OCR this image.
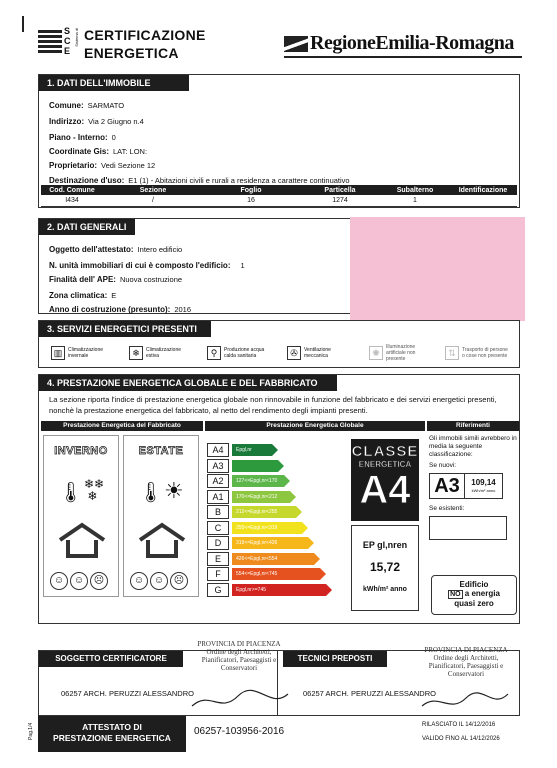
S
C
E
Sistema di CERTIFICAZIONE
ENERGETICA	RegioneEmilia-Romagna
1. DATI DELL'IMMOBILE
Comune: SARMATO
Indirizzo: Via 2 Giugno n.4
Piano - Interno: 0
Coordinate Gis: LAT: LON:
Proprietario: Vedi Sezione 12
Destinazione d'uso: E1 (1) - Abitazioni civili e rurali a residenza a carattere continuativo
Cod. Comune	Sezione	Foglio	Particella	Subalterno	Identificazione
I434	/	16	1274	1	
2. DATI GENERALI
Oggetto dell'attestato: Intero edificio
N. unità immobiliari di cui è composto l'edificio: 1
Finalità dell' APE: Nuova costruzione
Zona climatica: E
Anno di costruzione (presunto): 2016
3. SERVIZI ENERGETICI PRESENTI
▥	Climatizzazione invernale	❄	Climatizzazione estiva	⚲	Produzione acqua calda sanitaria	✇	Ventilazione meccanica	✺
Illuminazione artificiale non presente
⇅	Trasporto di persone o cose non presente
4. PRESTAZIONE ENERGETICA GLOBALE E DEL FABBRICATO
La sezione riporta l'indice di prestazione energetica globale non rinnovabile in funzione del fabbricato e dei servizi energetici presenti, nonchè la prestazione energetica del fabbricato, al netto del rendimento degli impianti presenti.
Prestazione Energetica del Fabbricato	Prestazione Energetica Globale	Riferimenti
INVERNO
🌡 ❄❄
❄
☺ ☺ ☹
ESTATE
🌡 ☀
☺ ☺ ☹
A4	Epgl,nr
A3
A2	127<=Epgl,nr<170
A1	170<=Epgl,nr<212
B	212<=Epgl,nr<255
C	255<=Epgl,nr<319
D	319<=Epgl,nr<426
E	426<=Epgl,nr<554
F	554<=Epgl,nr<745
G	Epgl,nr>=745
CLASSE
ENERGETICA
A4
EP gl,nren
15,72
kWh/m² anno
Gli immobili simili avrebbero in media la seguente classificazione:
Se nuovi:
A3	109,14
kWh/m² anno
Se esistenti:
Edificio
NO a energia
quasi zero
SOGGETTO CERTIFICATORE	TECNICI PREPOSTI
06257 ARCH. PERUZZI ALESSANDRO	06257 ARCH. PERUZZI ALESSANDRO
PROVINCIA DI PIACENZA Ordine degli Architetti, Pianificatori, Paesaggisti e Conservatori
PROVINCIA DI PIACENZA Ordine degli Architetti, Pianificatori, Paesaggisti e Conservatori
ATTESTATO DI
PRESTAZIONE ENERGETICA
Pag.1/4	06257-103956-2016
RILASCIATO IL 14/12/2016
VALIDO FINO AL 14/12/2026
